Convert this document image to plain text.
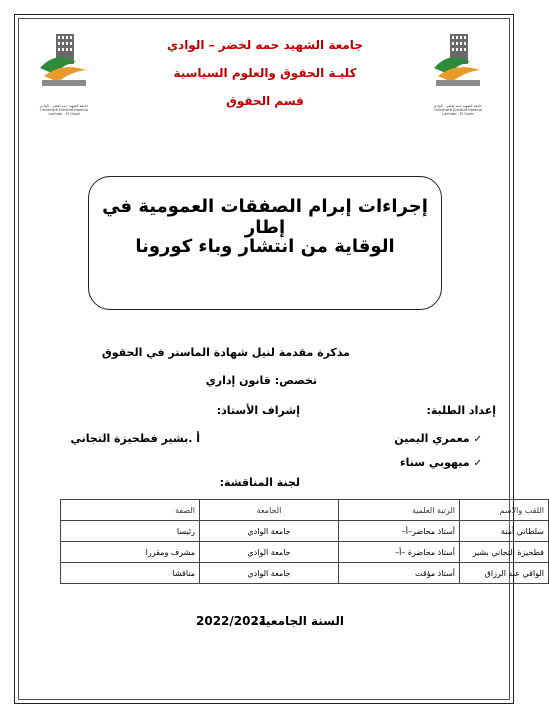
جامعة الشهيد حمه لخضر - الوادي Université Echahid Hamma Lakhdar - El Oued
جامعة الشهيد حمه لخضر - الوادي Université Echahid Hamma Lakhdar - El Oued
جامعة الشهيد حمه لخضر – الوادي
كليـة الحقوق والعلوم السياسية
قسم الحقوق
إجراءات إبرام الصفقات العمومية في إطار
الوقاية من انتشار وباء كورونا
مذكرة مقدمة لنيل شهادة الماستر في الحقوق
تخصص: قانون إداري
إعداد الطلبة:
إشراف الأستاذ:
✓معمري اليمين
أ .بشير فطحيزة التجاني
✓ميهوبي سناء
لجنة المناقشة:
اللقب والاسم	الرتبة العلمية	الجامعة	الصفة
سلطاني أمنة	أستاذ محاضر–أ–	جامعة الوادي	رئيسا
فطحيزة التجاني بشير	أستاذ محاضرة –أ–	جامعة الوادي	مشرف ومقررا
الوافي عبد الرزاق	أستاذ مؤقت	جامعة الوادي	مناقشا
السنة الجامعية:
2022/2021
